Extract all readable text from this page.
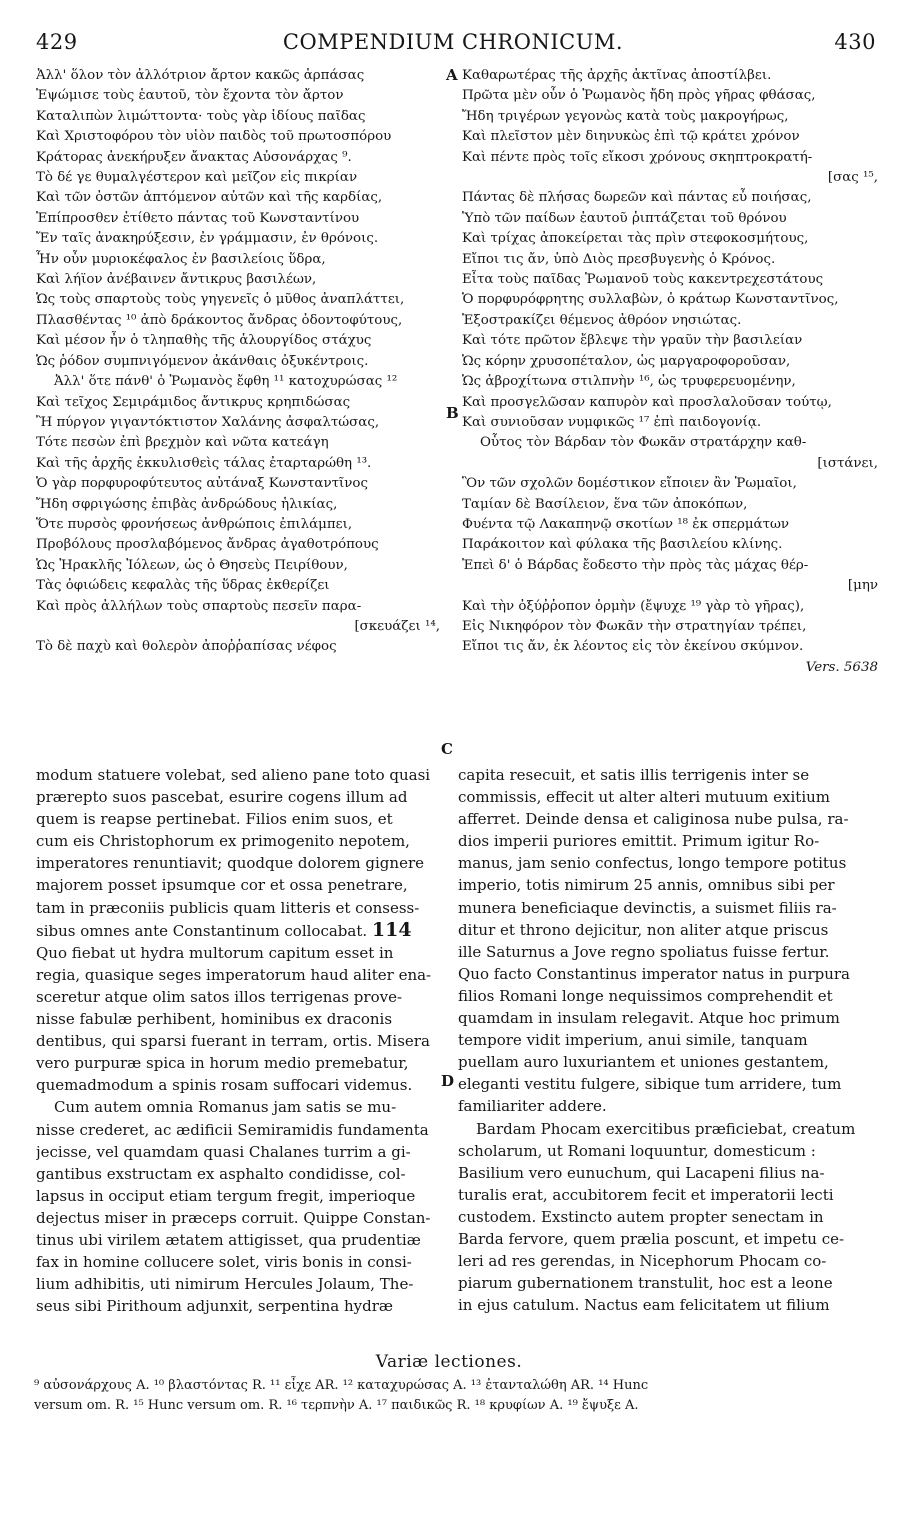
429	COMPENDIUM CHRONICUM.	430
A
B
C
D
Ἀλλ' ὅλον τὸν ἀλλότριον ἄρτον κακῶς ἁρπάσας
Ἐψώμισε τοὺς ἑαυτοῦ, τὸν ἔχοντα τὸν ἄρτον
Καταλιπὼν λιμώττοντα· τοὺς γὰρ ἰδίους παῖδας
Καὶ Χριστοφόρου τὸν υἱὸν παιδὸς τοῦ πρωτοσπόρου
Κράτορας ἀνεκήρυξεν ἄνακτας Αὐσονάρχας ⁹.
Τὸ δέ γε θυμαλγέστερον καὶ μεῖζον εἰς πικρίαν
Καὶ τῶν ὀστῶν ἁπτόμενον αὐτῶν καὶ τῆς καρδίας,
Ἐπίπροσθεν ἐτίθετο πάντας τοῦ Κωνσταντίνου
Ἔν ταῖς ἀνακηρύξεσιν, ἐν γράμμασιν, ἐν θρόνοις.
Ἦν οὖν μυριοκέφαλος ἐν βασιλείοις ὕδρα,
Καὶ λήϊον ἀνέβαινεν ἄντικρυς βασιλέων,
Ὡς τοὺς σπαρτοὺς τοὺς γηγενεῖς ὁ μῦθος ἀναπλάττει,
Πλασθέντας ¹⁰ ἀπὸ δράκοντος ἄνδρας ὀδοντοφύτους,
Καὶ μέσον ἦν ὁ τληπαθὴς τῆς ἁλουργίδος στάχυς
Ὡς ῥόδον συμπνιγόμενον ἀκάνθαις ὀξυκέντροις.
Ἀλλ' ὅτε πάνθ' ὁ Ῥωμανὸς ἔφθη ¹¹ κατοχυρώσας ¹²
Καὶ τεῖχος Σεμιράμιδος ἄντικρυς κρηπιδώσας
Ἢ πύργον γιγαντόκτιστον Χαλάνης ἀσφαλτώσας,
Τότε πεσὼν ἐπὶ βρεχμὸν καὶ νῶτα κατεάγη
Καὶ τῆς ἀρχῆς ἐκκυλισθεὶς τάλας ἐταρταρώθη ¹³.
Ὁ γὰρ πορφυροφύτευτος αὐτάναξ Κωνσταντῖνος
Ἤδη σφριγώσης ἐπιβὰς ἀνδρώδους ἡλικίας,
Ὅτε πυρσὸς φρονήσεως ἀνθρώποις ἐπιλάμπει,
Προβόλους προσλαβόμενος ἄνδρας ἀγαθοτρόπους
Ὡς Ἡρακλῆς Ἰόλεων, ὡς ὁ Θησεὺς Πειρίθουν,
Τὰς ὀφιώδεις κεφαλὰς τῆς ὕδρας ἐκθερίζει
Καὶ πρὸς ἀλλήλων τοὺς σπαρτοὺς πεσεῖν παρα-
[σκευάζει ¹⁴,
Τὸ δὲ παχὺ καὶ θολερὸν ἀποῤῥαπίσας νέφος
Καθαρωτέρας τῆς ἀρχῆς ἀκτῖνας ἀποστίλβει.
Πρῶτα μὲν οὖν ὁ Ῥωμανὸς ἤδη πρὸς γῆρας φθάσας,
Ἤδη τριγέρων γεγονὼς κατὰ τοὺς μακρογήρως,
Καὶ πλεῖστον μὲν διηνυκὼς ἐπὶ τῷ κράτει χρόνον
Καὶ πέντε πρὸς τοῖς εἴκοσι χρόνους σκηπτροκρατή-
[σας ¹⁵,
Πάντας δὲ πλήσας δωρεῶν καὶ πάντας εὖ ποιήσας,
Ὑπὸ τῶν παίδων ἑαυτοῦ ῥιπτάζεται τοῦ θρόνου
Καὶ τρίχας ἀποκείρεται τὰς πρὶν στεφοκοσμήτους,
Εἴποι τις ἄν, ὑπὸ Διὸς πρεσβυγενὴς ὁ Κρόνος.
Εἶτα τοὺς παῖδας Ῥωμανοῦ τοὺς κακεντρεχεστάτους
Ὁ πορφυρόφρητης συλλαβὼν, ὁ κράτωρ Κωνσταντῖνος,
Ἐξοστρακίζει θέμενος ἀθρόον νησιώτας.
Καὶ τότε πρῶτον ἔβλεψε τὴν γραῦν τὴν βασιλείαν
Ὡς κόρην χρυσοπέταλον, ὡς μαργαροφοροῦσαν,
Ὡς ἁβροχίτωνα στιλπνὴν ¹⁶, ὡς τρυφερευομένην,
Καὶ προσγελῶσαν καπυρὸν καὶ προσλαλοῦσαν τούτῳ,
Καὶ συνιοῦσαν νυμφικῶς ¹⁷ ἐπὶ παιδογονίᾳ.
Οὗτος τὸν Βάρδαν τὸν Φωκᾶν στρατάρχην καθ-
[ιστάνει,
Ὃν τῶν σχολῶν δομέστικον εἴποιεν ἂν Ῥωμαῖοι,
Ταμίαν δὲ Βασίλειον, ἕνα τῶν ἀποκόπων,
Φυέντα τῷ Λακαπηνῷ σκοτίων ¹⁸ ἐκ σπερμάτων
Παράκοιτον καὶ φύλακα τῆς βασιλείου κλίνης.
Ἐπεὶ δ' ὁ Βάρδας ἔοδεστο τὴν πρὸς τὰς μάχας θέρ-
[μην
Καὶ τὴν ὀξύῤῥοπον ὁρμὴν (ἔψυχε ¹⁹ γὰρ τὸ γῆρας),
Εἰς Νικηφόρον τὸν Φωκᾶν τὴν στρατηγίαν τρέπει,
Εἴποι τις ἄν, ἐκ λέοντος εἰς τὸν ἐκείνου σκύμνον.
Vers. 5638
modum statuere volebat, sed alieno pane toto quasi
prærepto suos pascebat, esurire cogens illum ad
quem is reapse pertinebat. Filios enim suos, et
cum eis Christophorum ex primogenito nepotem,
imperatores renuntiavit; quodque dolorem gignere
majorem posset ipsumque cor et ossa penetrare,
tam in præconiis publicis quam litteris et consess-
sibus omnes ante Constantinum collocabat. 114
Quo fiebat ut hydra multorum capitum esset in
regia, quasique seges imperatorum haud aliter ena-
sceretur atque olim satos illos terrigenas prove-
nisse fabulæ perhibent, hominibus ex draconis
dentibus, qui sparsi fuerant in terram, ortis. Misera
vero purpuræ spica in horum medio premebatur,
quemadmodum a spinis rosam suffocari videmus.
Cum autem omnia Romanus jam satis se mu-
nisse crederet, ac ædificii Semiramidis fundamenta
jecisse, vel quamdam quasi Chalanes turrim a gi-
gantibus exstructam ex asphalto condidisse, col-
lapsus in occiput etiam tergum fregit, imperioque
dejectus miser in præceps corruit. Quippe Constan-
tinus ubi virilem ætatem attigisset, qua prudentiæ
fax in homine collucere solet, viris bonis in consi-
lium adhibitis, uti nimirum Hercules Jolaum, The-
seus sibi Pirithoum adjunxit, serpentina hydræ
capita resecuit, et satis illis terrigenis inter se
commissis, effecit ut alter alteri mutuum exitium
afferret. Deinde densa et caliginosa nube pulsa, ra-
dios imperii puriores emittit. Primum igitur Ro-
manus, jam senio confectus, longo tempore potitus
imperio, totis nimirum 25 annis, omnibus sibi per
munera beneficiaque devinctis, a suismet filiis ra-
ditur et throno dejicitur, non aliter atque priscus
ille Saturnus a Jove regno spoliatus fuisse fertur.
Quo facto Constantinus imperator natus in purpura
filios Romani longe nequissimos comprehendit et
quamdam in insulam relegavit. Atque hoc primum
tempore vidit imperium, anui simile, tanquam
puellam auro luxuriantem et uniones gestantem,
eleganti vestitu fulgere, sibique tum arridere, tum
familiariter addere.
Bardam Phocam exercitibus præficiebat, creatum
scholarum, ut Romani loquuntur, domesticum :
Basilium vero eunuchum, qui Lacapeni filius na-
turalis erat, accubitorem fecit et imperatorii lecti
custodem. Exstincto autem propter senectam in
Barda fervore, quem prælia poscunt, et impetu ce-
leri ad res gerendas, in Nicephorum Phocam co-
piarum gubernationem transtulit, hoc est a leone
in ejus catulum. Nactus eam felicitatem ut filium
Variæ lectiones.
⁹ αὐσονάρχους Α. ¹⁰ βλαστόντας R. ¹¹ εἶχε AR. ¹² καταχυρώσας Α. ¹³ ἐτανταλώθη AR. ¹⁴ Hunc
versum om. R. ¹⁵ Hunc versum om. R. ¹⁶ τερπνὴν Α. ¹⁷ παιδικῶς R. ¹⁸ κρυφίων Α. ¹⁹ ἔψυξε Α.
